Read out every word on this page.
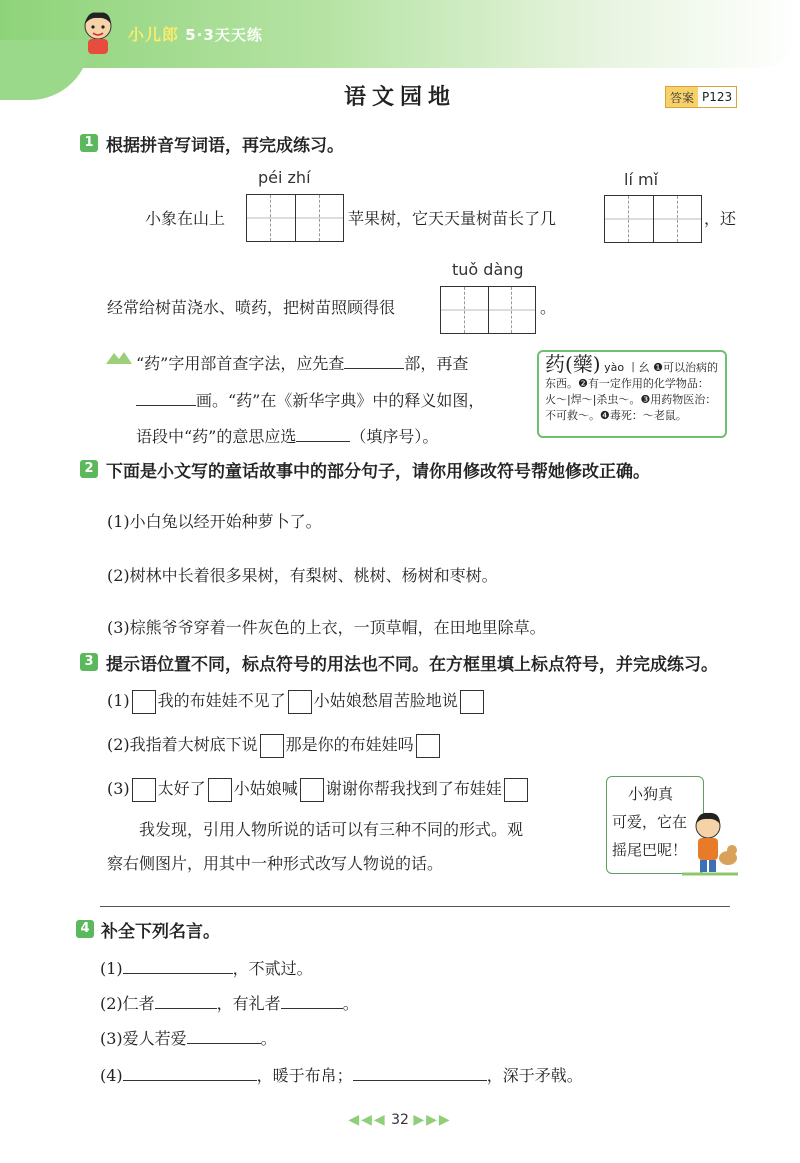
小儿郎 5·3天天练
语文园地	答案 P123
1 根据拼音写词语，再完成练习。
péi zhí	lí mǐ
小象在山上	苹果树，它天天量树苗长了几	，还
tuǒ dàng
经常给树苗浇水、喷药，把树苗照顾得很	。
“药”字用部首查字法，应先查	部，再查
画。“药”在《新华字典》中的释义如图，
语段中“药”的意思应选	（填序号）。
药(藥) yào 丨幺 ❶可以治病的东西。❷有一定作用的化学物品：火～|焊～|杀虫～。❸用药物医治：不可救～。❹毒死：～老鼠。
2 下面是小文写的童话故事中的部分句子，请你用修改符号帮她修改正确。
(1)小白兔以经开始种萝卜了。
(2)树林中长着很多果树，有梨树、桃树、杨树和枣树。
(3)棕熊爷爷穿着一件灰色的上衣，一顶草帽，在田地里除草。
3 提示语位置不同，标点符号的用法也不同。在方框里填上标点符号，并完成练习。
(1) 我的布娃娃不见了 小姑娘愁眉苦脸地说
(2)我指着大树底下说 那是你的布娃娃吗
(3) 太好了 小姑娘喊 谢谢你帮我找到了布娃娃
我发现，引用人物所说的话可以有三种不同的形式。观
察右侧图片，用其中一种形式改写人物说的话。
小狗真
可爱，它在
摇尾巴呢！
4 补全下列名言。
(1)	，不贰过。
(2)仁者	，有礼者	。
(3)爱人若爱	。
(4)	，暖于布帛；	，深于矛戟。
◀◀◀ 32 ▶▶▶
